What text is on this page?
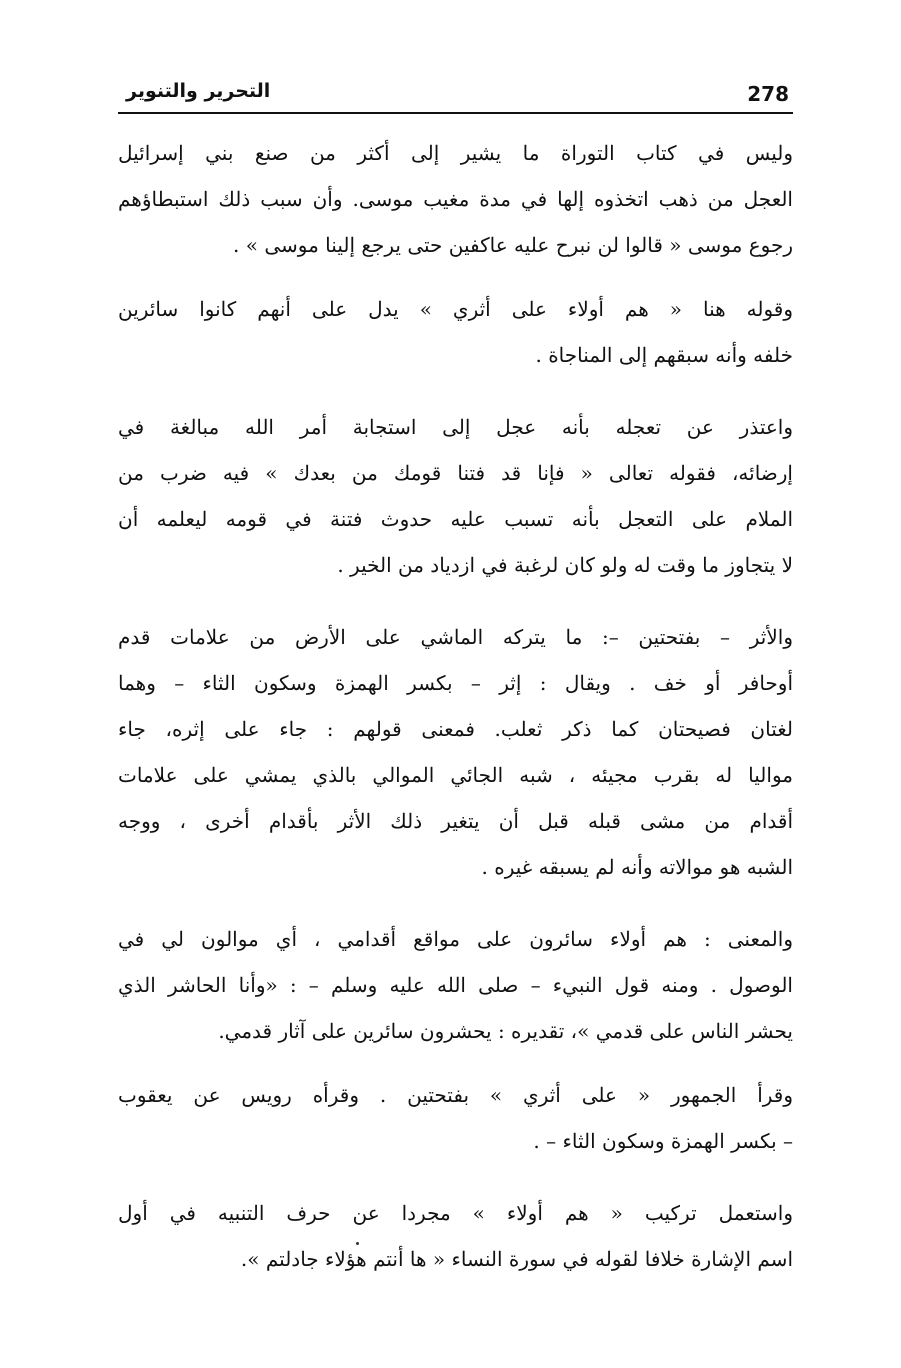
278
التحرير والتنوير
وليس في كتاب التوراة ما يشير إلى أكثر من صنع بني إسرائيل
العجل من ذهب اتخذوه إلها في مدة مغيب موسى. وأن سبب ذلك استبطاؤهم
رجوع موسى « قالوا لن نبرح عليه عاكفين حتى يرجع إلينا موسى » .
وقوله هنا « هم أولاء على أثري » يدل على أنهم كانوا سائرين
خلفه وأنه سبقهم إلى المناجاة .
واعتذر عن تعجله بأنه عجل إلى استجابة أمر الله مبالغة في
إرضائه، فقوله تعالى « فإنا قد فتنا قومك من بعدك » فيه ضرب من
الملام على التعجل بأنه تسبب عليه حدوث فتنة في قومه ليعلمه أن
لا يتجاوز ما وقت له ولو كان لرغبة في ازدياد من الخير .
والأثر – بفتحتين –: ما يتركه الماشي على الأرض من علامات قدم
أوحافر أو خف . ويقال : إثر – بكسر الهمزة وسكون الثاء – وهما
لغتان فصيحتان كما ذكر ثعلب. فمعنى قولهم : جاء على إثره، جاء
مواليا له بقرب مجيئه ، شبه الجائي الموالي بالذي يمشي على علامات
أقدام من مشى قبله قبل أن يتغير ذلك الأثر بأقدام أخرى ، ووجه
الشبه هو موالاته وأنه لم يسبقه غيره .
والمعنى : هم أولاء سائرون على مواقع أقدامي ، أي موالون لي في
الوصول . ومنه قول النبيء – صلى الله عليه وسلم – : «وأنا الحاشر الذي
يحشر الناس على قدمي »، تقديره : يحشرون سائرين على آثار قدمي.
وقرأ الجمهور « على أثري » بفتحتين . وقرأه رويس عن يعقوب
– بكسر الهمزة وسكون الثاء – .
واستعمل تركيب « هم أولاء » مجردا عن حرف التنبيه في أول
اسم الإشارة خلافا لقوله في سورة النساء « ها أنتم هؤلاء جادلتم ».
